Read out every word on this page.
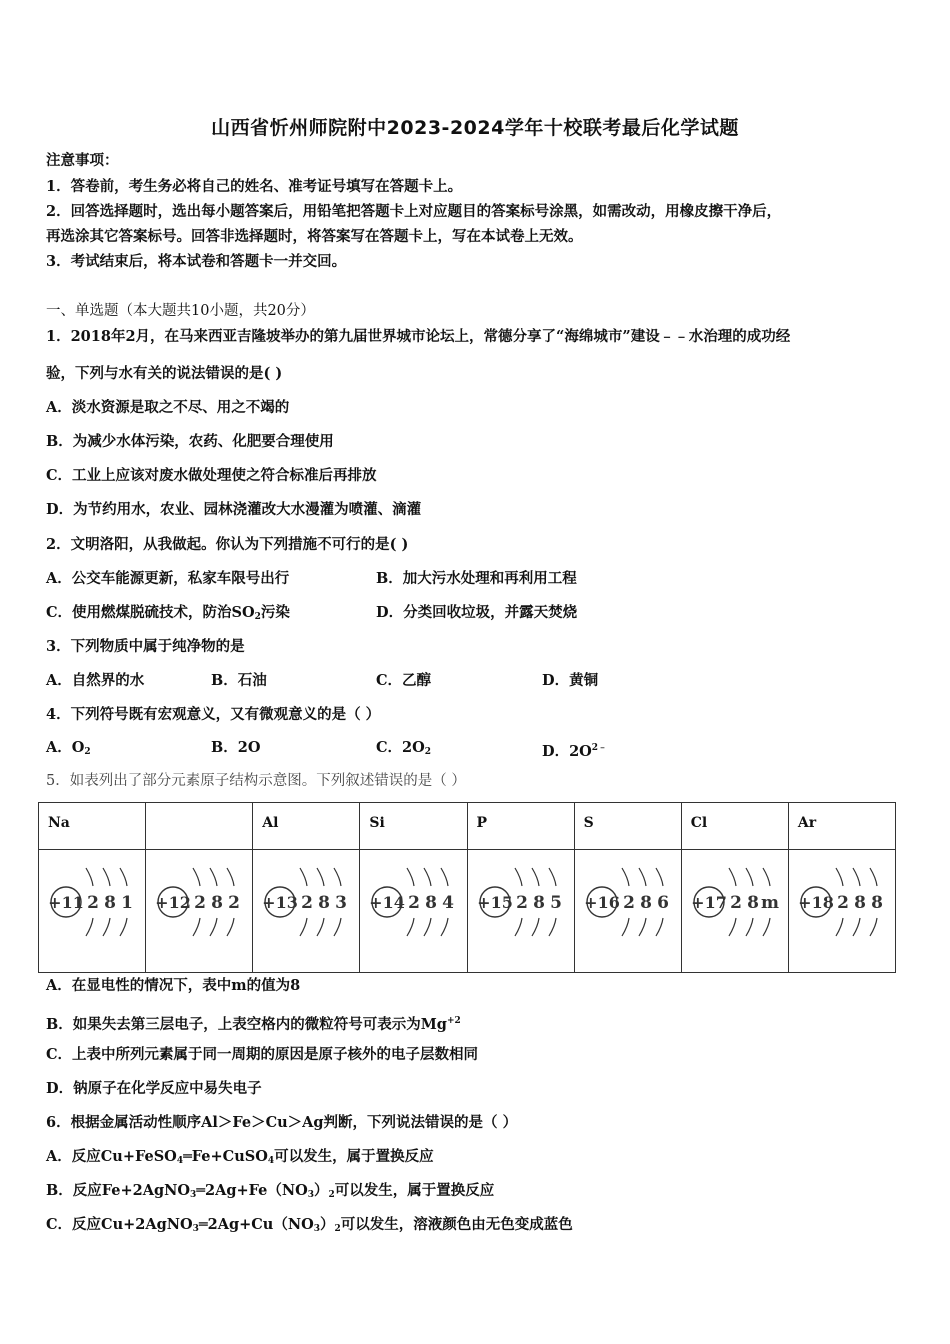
山西省忻州师院附中2023-2024学年十校联考最后化学试题
注意事项：
1．答卷前，考生务必将自己的姓名、准考证号填写在答题卡上。
2．回答选择题时，选出每小题答案后，用铅笔把答题卡上对应题目的答案标号涂黑，如需改动，用橡皮擦干净后，
再选涂其它答案标号。回答非选择题时，将答案写在答题卡上，写在本试卷上无效。
3．考试结束后，将本试卷和答题卡一并交回。
一、单选题（本大题共10小题，共20分）
1．2018年2月，在马来西亚吉隆坡举办的第九届世界城市论坛上，常德分享了“海绵城市”建设﹣﹣水治理的成功经
验，下列与水有关的说法错误的是( )
A．淡水资源是取之不尽、用之不竭的
B．为减少水体污染，农药、化肥要合理使用
C．工业上应该对废水做处理使之符合标准后再排放
D．为节约用水，农业、园林浇灌改大水漫灌为喷灌、滴灌
2．文明洛阳，从我做起。你认为下列措施不可行的是( )
A．公交车能源更新，私家车限号出行	B．加大污水处理和再利用工程
C．使用燃煤脱硫技术，防治$SO_2$污染	D．分类回收垃圾，并露天焚烧
3．下列物质中属于纯净物的是
A．自然界的水	B．石油	C．乙醇	D．黄铜
4．下列符号既有宏观意义，又有微观意义的是（ ）
A．$O_2$	B．2O	C．$2O_2$	D．$2O^{2﹣}$
5．如表列出了部分元素原子结构示意图。下列叙述错误的是（ ）
Na		Al	Si	P	S	Cl	Ar

+11 2 8 1	+12 2 8 2	+13 2 8 3	+14 2 8 4	+15 2 8 5	+16 2 8 6	+17 2 8 m	+18 2 8 8
A．在显电性的情况下，表中m的值为8
B．如果失去第三层电子，上表空格内的微粒符号可表示为$Mg^{+2}$
C．上表中所列元素属于同一周期的原因是原子核外的电子层数相同
D．钠原子在化学反应中易失电子
6．根据金属活动性顺序Al＞Fe＞Cu＞Ag判断，下列说法错误的是（ ）
A．反应Cu+FeSO$_4$═Fe+CuSO$_4$可以发生，属于置换反应
B．反应$Fe+2AgNO_3═2Ag+Fe(NO_3)_2$可以发生，属于置换反应
C．反应$Cu+2AgNO_3═2Ag+Cu(NO_3)_2$可以发生，溶液颜色由无色变成蓝色
